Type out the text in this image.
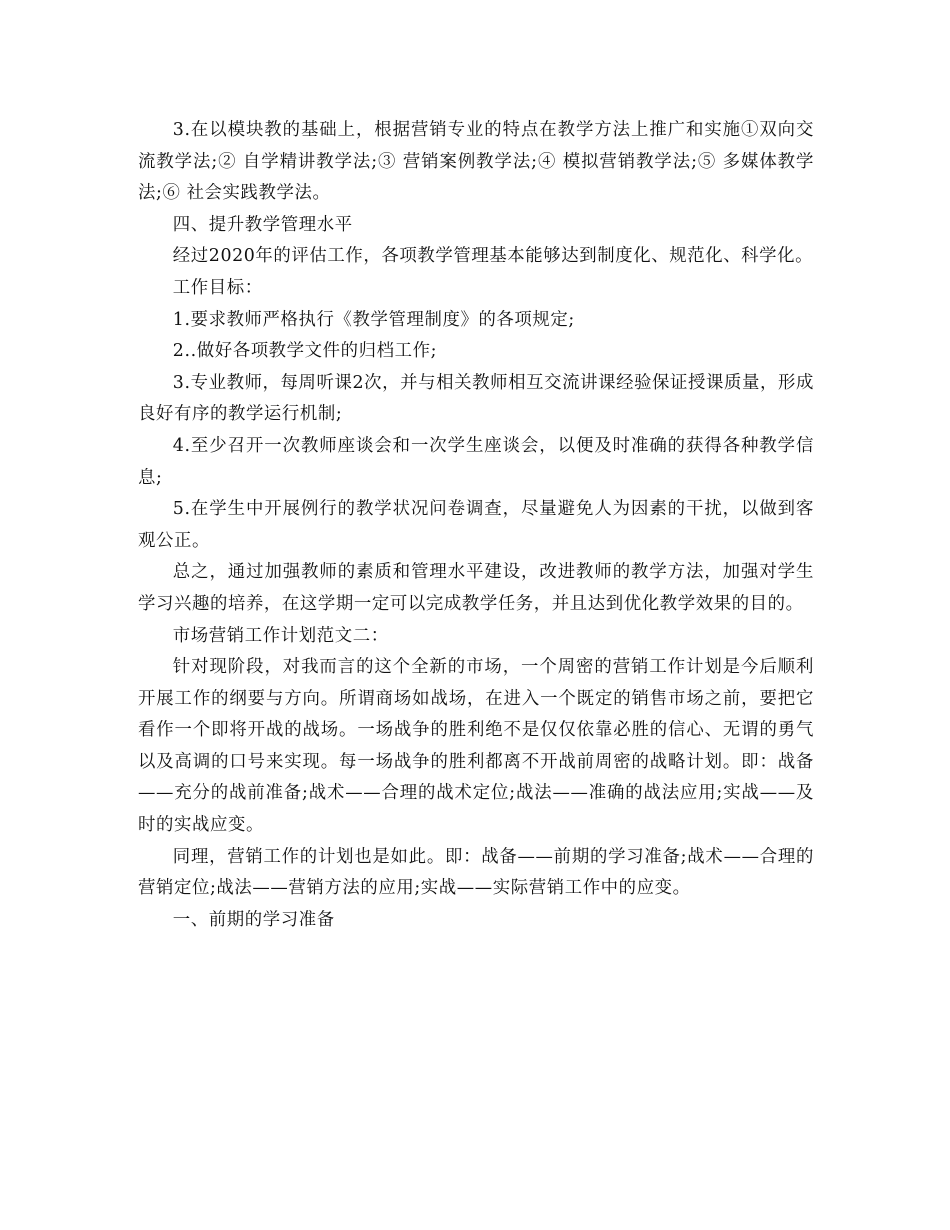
3.在以模块教的基础上，根据营销专业的特点在教学方法上推广和实施①双向交流教学法;② 自学精讲教学法;③ 营销案例教学法;④ 模拟营销教学法;⑤ 多媒体教学法;⑥ 社会实践教学法。

四、提升教学管理水平

经过2020年的评估工作，各项教学管理基本能够达到制度化、规范化、科学化。

工作目标：

1.要求教师严格执行《教学管理制度》的各项规定;

2..做好各项教学文件的归档工作;

3.专业教师，每周听课2次，并与相关教师相互交流讲课经验保证授课质量，形成良好有序的教学运行机制;

4.至少召开一次教师座谈会和一次学生座谈会，以便及时准确的获得各种教学信息;

5.在学生中开展例行的教学状况问卷调查，尽量避免人为因素的干扰，以做到客观公正。

总之，通过加强教师的素质和管理水平建设，改进教师的教学方法，加强对学生学习兴趣的培养，在这学期一定可以完成教学任务，并且达到优化教学效果的目的。

市场营销工作计划范文二：

针对现阶段，对我而言的这个全新的市场，一个周密的营销工作计划是今后顺利开展工作的纲要与方向。所谓商场如战场，在进入一个既定的销售市场之前，要把它看作一个即将开战的战场。一场战争的胜利绝不是仅仅依靠必胜的信心、无谓的勇气以及高调的口号来实现。每一场战争的胜利都离不开战前周密的战略计划。即：战备——充分的战前准备;战术——合理的战术定位;战法——准确的战法应用;实战——及时的实战应变。

同理，营销工作的计划也是如此。即：战备——前期的学习准备;战术——合理的营销定位;战法——营销方法的应用;实战——实际营销工作中的应变。

一、前期的学习准备
